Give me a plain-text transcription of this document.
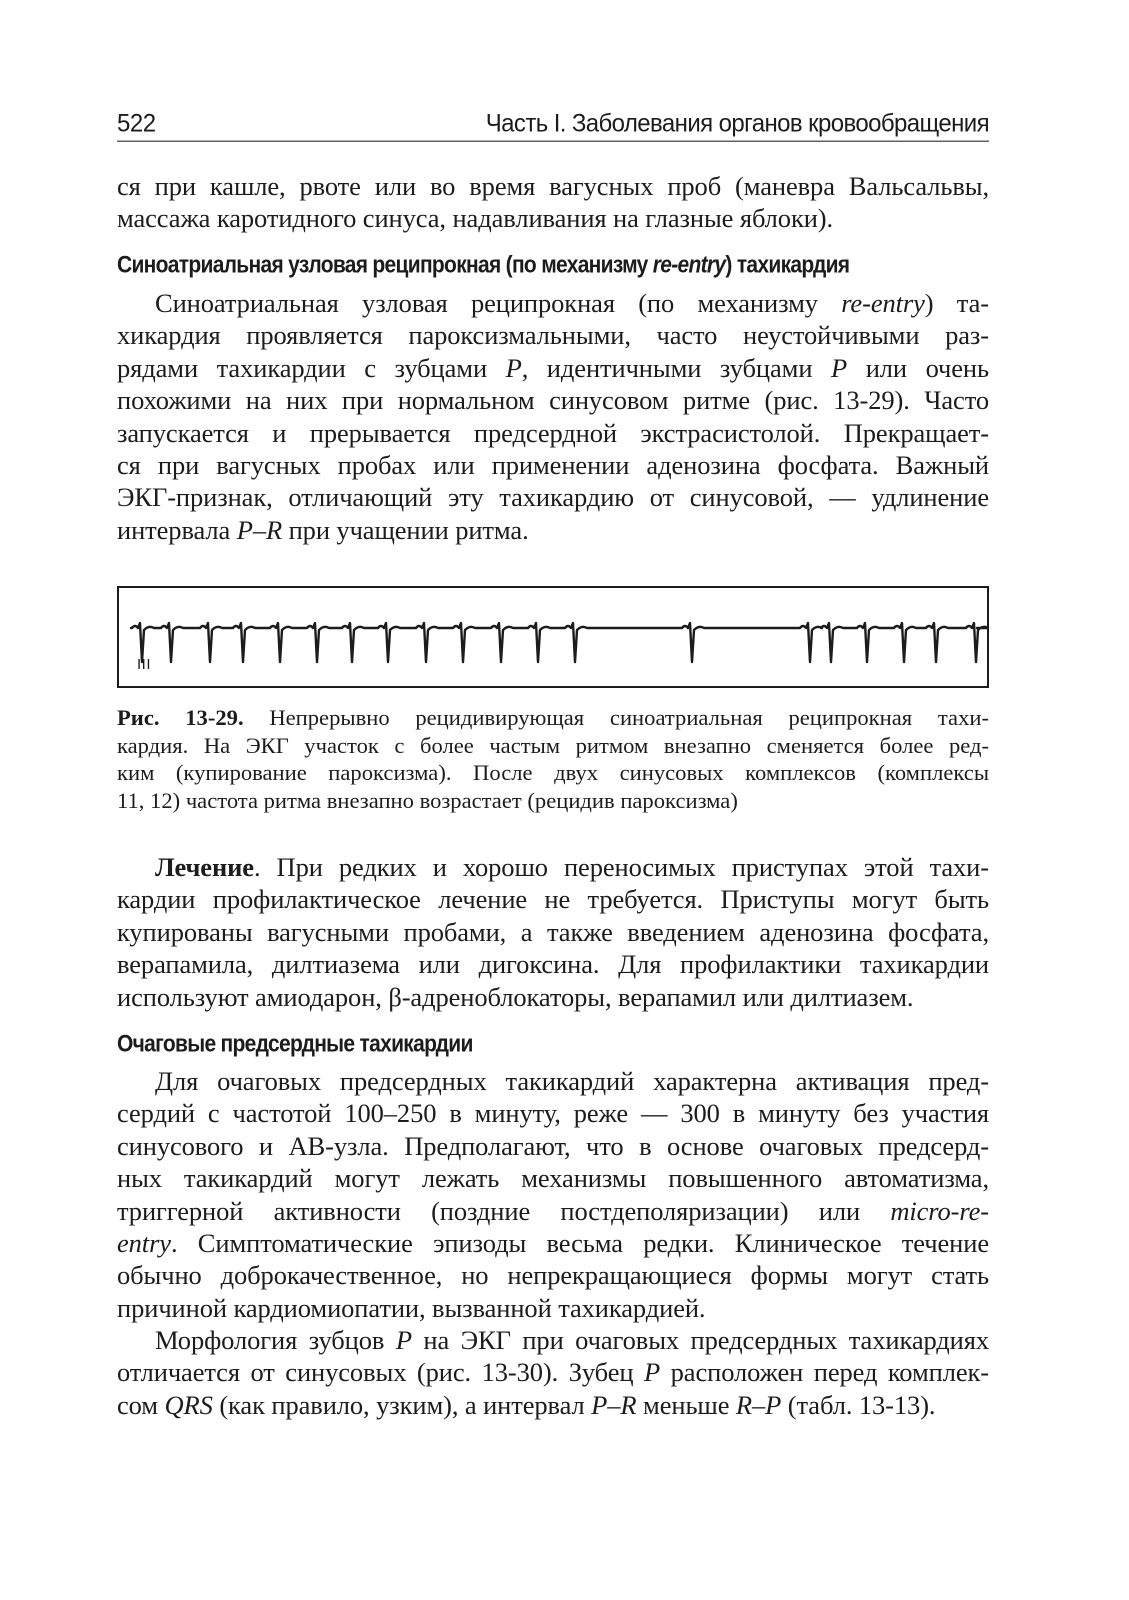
522	Часть I. Заболевания органов кровообращения
ся при кашле, рвоте или во время вагусных проб (маневра Вальсальвы,
массажа каротидного синуса, надавливания на глазные яблоки).
Синоатриальная узловая реципрокная (по механизму re-entry) тахикардия
Синоатриальная узловая реципрокная (по механизму re-entry) та-
хикардия проявляется пароксизмальными, часто неустойчивыми раз-
рядами тахикардии с зубцами P, идентичными зубцами P или очень
похожими на них при нормальном синусовом ритме (рис. 13-29). Часто
запускается и прерывается предсердной экстрасистолой. Прекращает-
ся при вагусных пробах или применении аденозина фосфата. Важный
ЭКГ-признак, отличающий эту тахикардию от синусовой, — удлинение
интервала P–R при учащении ритма.
III
Рис. 13-29. Непрерывно рецидивирующая синоатриальная реципрокная тахи-
кардия. На ЭКГ участок с более частым ритмом внезапно сменяется более ред-
ким (купирование пароксизма). После двух синусовых комплексов (комплексы
11, 12) частота ритма внезапно возрастает (рецидив пароксизма)
Лечение. При редких и хорошо переносимых приступах этой тахи-
кардии профилактическое лечение не требуется. Приступы могут быть
купированы вагусными пробами, а также введением аденозина фосфата,
верапамила, дилтиазема или дигоксина. Для профилактики тахикардии
используют амиодарон, β-адреноблокаторы, верапамил или дилтиазем.
Очаговые предсердные тахикардии
Для очаговых предсердных такикардий характерна активация пред-
сердий с частотой 100–250 в минуту, реже — 300 в минуту без участия
синусового и АВ-узла. Предполагают, что в основе очаговых предсерд-
ных такикардий могут лежать механизмы повышенного автоматизма,
триггерной активности (поздние постдеполяризации) или micro-re-
entry. Симптоматические эпизоды весьма редки. Клиническое течение
обычно доброкачественное, но непрекращающиеся формы могут стать
причиной кардиомиопатии, вызванной тахикардией.
Морфология зубцов P на ЭКГ при очаговых предсердных тахикардиях
отличается от синусовых (рис. 13-30). Зубец P расположен перед комплек-
сом QRS (как правило, узким), а интервал P–R меньше R–P (табл. 13-13).
